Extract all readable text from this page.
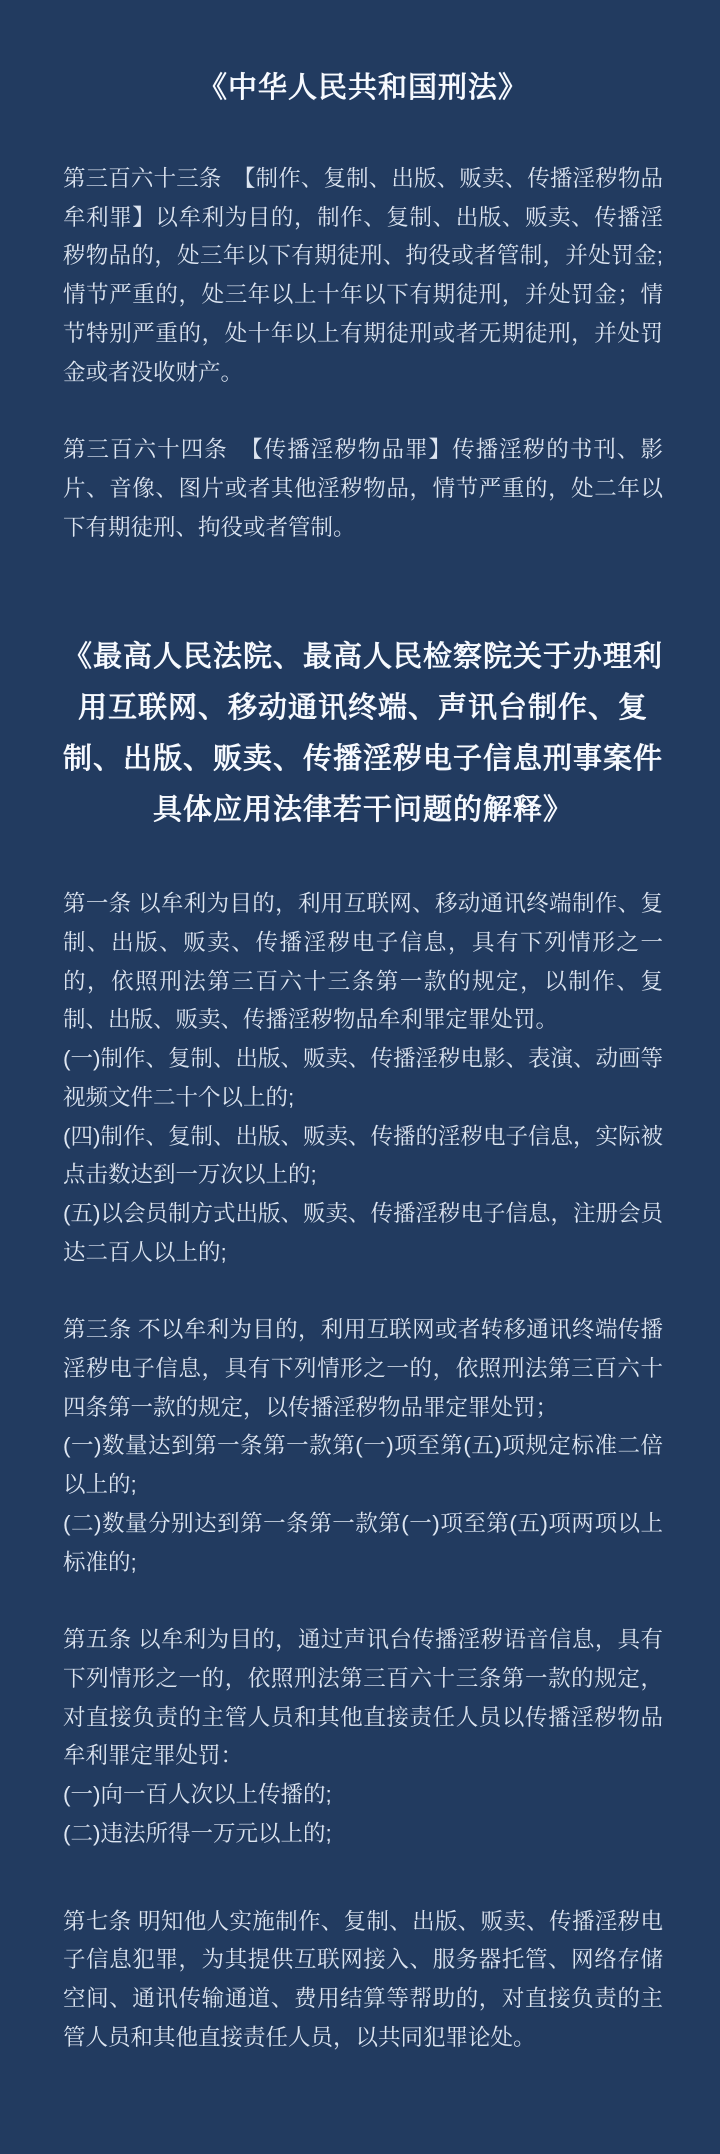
《中华人民共和国刑法》

第三百六十三条　【制作、复制、出版、贩卖、传播淫秽物品牟利罪】以牟利为目的，制作、复制、出版、贩卖、传播淫秽物品的，处三年以下有期徒刑、拘役或者管制，并处罚金;情节严重的，处三年以上十年以下有期徒刑，并处罚金；情节特别严重的，处十年以上有期徒刑或者无期徒刑，并处罚金或者没收财产。

第三百六十四条　【传播淫秽物品罪】传播淫秽的书刊、影片、音像、图片或者其他淫秽物品，情节严重的，处二年以下有期徒刑、拘役或者管制。

《最高人民法院、最高人民检察院关于办理利用互联网、移动通讯终端、声讯台制作、复制、出版、贩卖、传播淫秽电子信息刑事案件具体应用法律若干问题的解释》

第一条 以牟利为目的，利用互联网、移动通讯终端制作、复制、出版、贩卖、传播淫秽电子信息，具有下列情形之一的，依照刑法第三百六十三条第一款的规定，以制作、复制、出版、贩卖、传播淫秽物品牟利罪定罪处罚。

(一)制作、复制、出版、贩卖、传播淫秽电影、表演、动画等视频文件二十个以上的;

(四)制作、复制、出版、贩卖、传播的淫秽电子信息，实际被点击数达到一万次以上的;

(五)以会员制方式出版、贩卖、传播淫秽电子信息，注册会员达二百人以上的;

第三条 不以牟利为目的，利用互联网或者转移通讯终端传播淫秽电子信息，具有下列情形之一的，依照刑法第三百六十四条第一款的规定，以传播淫秽物品罪定罪处罚；

(一)数量达到第一条第一款第(一)项至第(五)项规定标准二倍以上的;

(二)数量分别达到第一条第一款第(一)项至第(五)项两项以上标准的;

第五条 以牟利为目的，通过声讯台传播淫秽语音信息，具有下列情形之一的，依照刑法第三百六十三条第一款的规定，对直接负责的主管人员和其他直接责任人员以传播淫秽物品牟利罪定罪处罚：

(一)向一百人次以上传播的;

(二)违法所得一万元以上的;

第七条 明知他人实施制作、复制、出版、贩卖、传播淫秽电子信息犯罪，为其提供互联网接入、服务器托管、网络存储空间、通讯传输通道、费用结算等帮助的，对直接负责的主管人员和其他直接责任人员，以共同犯罪论处。
